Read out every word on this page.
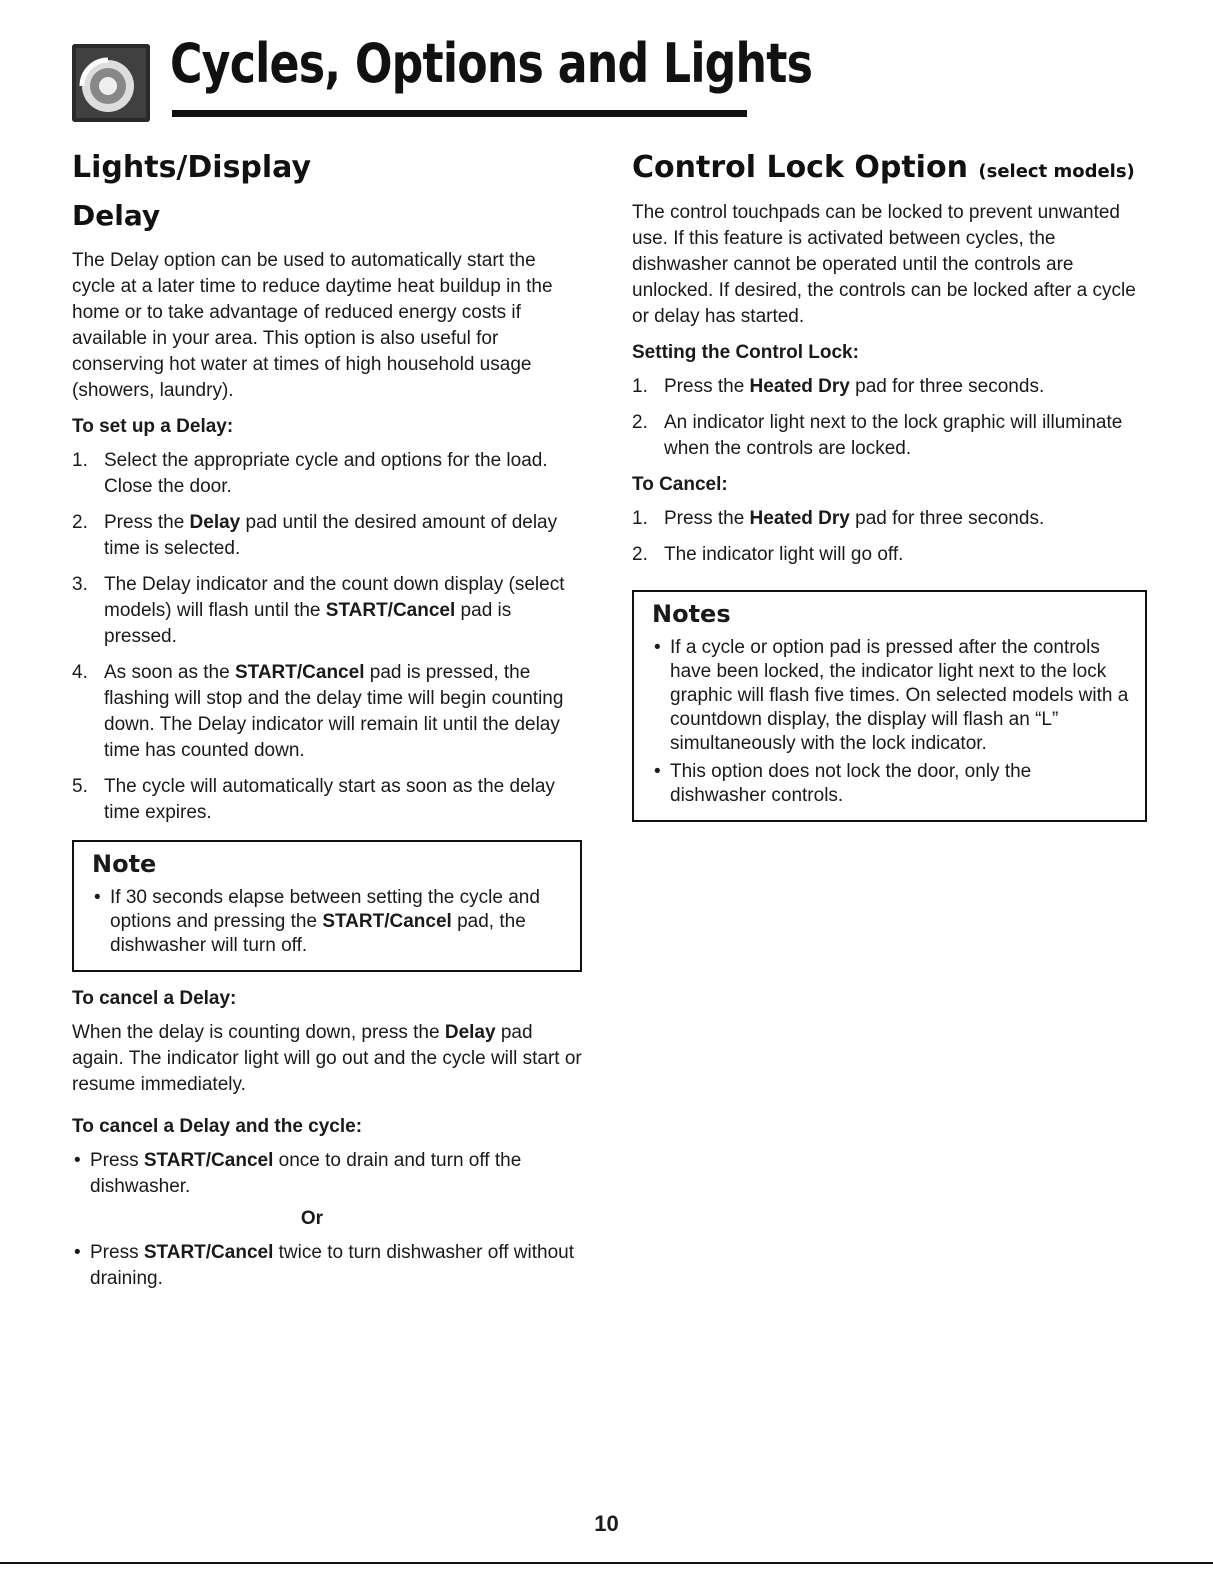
Cycles, Options and Lights
Lights/Display
Delay

The Delay option can be used to automatically start the cycle at a later time to reduce daytime heat buildup in the home or to take advantage of reduced energy costs if available in your area. This option is also useful for conserving hot water at times of high household usage (showers, laundry).

To set up a Delay:
1. Select the appropriate cycle and options for the load. Close the door.
2. Press the Delay pad until the desired amount of delay time is selected.
3. The Delay indicator and the count down display (select models) will flash until the START/Cancel pad is pressed.
4. As soon as the START/Cancel pad is pressed, the flashing will stop and the delay time will begin counting down. The Delay indicator will remain lit until the delay time has counted down.
5. The cycle will automatically start as soon as the delay time expires.
Note
• If 30 seconds elapse between setting the cycle and options and pressing the START/Cancel pad, the dishwasher will turn off.
To cancel a Delay:

When the delay is counting down, press the Delay pad again. The indicator light will go out and the cycle will start or resume immediately.

To cancel a Delay and the cycle:
• Press START/Cancel once to drain and turn off the dishwasher.
Or
• Press START/Cancel twice to turn dishwasher off without draining.
Control Lock Option (select models)

The control touchpads can be locked to prevent unwanted use. If this feature is activated between cycles, the dishwasher cannot be operated until the controls are unlocked. If desired, the controls can be locked after a cycle or delay has started.

Setting the Control Lock:
1. Press the Heated Dry pad for three seconds.
2. An indicator light next to the lock graphic will illuminate when the controls are locked.
To Cancel:
1. Press the Heated Dry pad for three seconds.
2. The indicator light will go off.
Notes
• If a cycle or option pad is pressed after the controls have been locked, the indicator light next to the lock graphic will flash five times. On selected models with a countdown display, the display will flash an “L” simultaneously with the lock indicator.
• This option does not lock the door, only the dishwasher controls.
10
